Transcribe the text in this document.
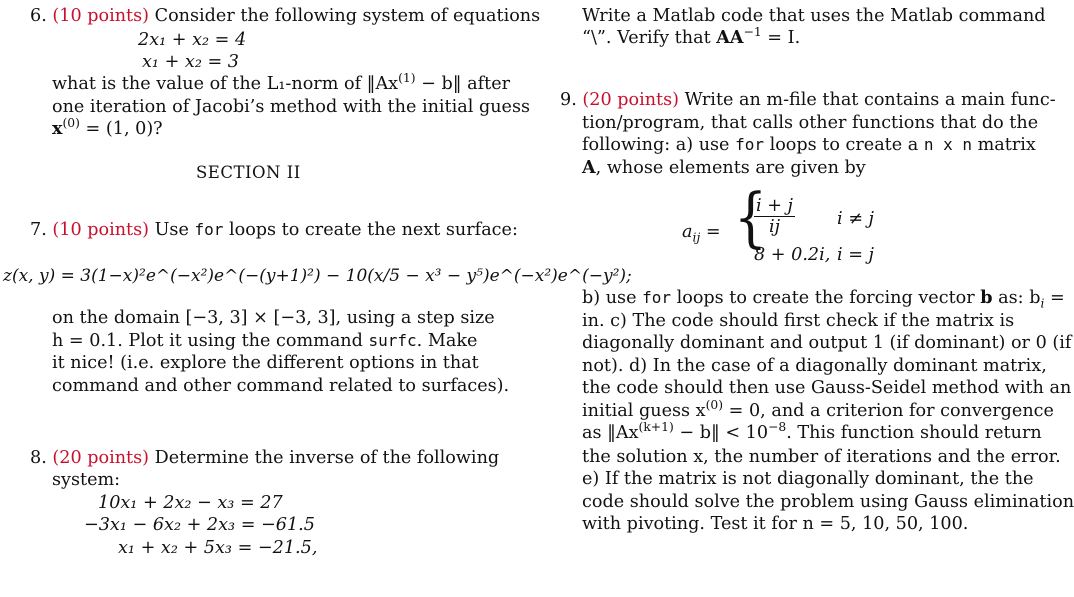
6. (10 points) Consider the following system of equations
2x₁ + x₂ = 4
x₁ + x₂ = 3
what is the value of the L₁-norm of $‖Ax^{(1)}$ − b‖ after
one iteration of Jacobi’s method with the initial guess
$x^{(0)} = (1$, 0)?
SECTION II
7. (10 points) Use for loops to create the next surface:
z(x, y) = 3(1−x)²e^(−x²)e^(−(y+1)²) − 10(x/5 − x³ − y⁵)e^(−x²)e^(−y²);
on the domain [−3, 3] × [−3, 3], using a step size
h = 0.1. Plot it using the command surfc. Make
it nice! (i.e. explore the different options in that
command and other command related to surfaces).
8. (20 points) Determine the inverse of the following
system:
10x₁ + 2x₂ − x₃ = 27
−3x₁ − 6x₂ + 2x₃ = −61.5
x₁ + x₂ + 5x₃ = −21.5,
Write a Matlab code that uses the Matlab command
“\”. Verify that $AA^{-1} = I$.
9. (20 points) Write an m-file that contains a main func-
tion/program, that calls other functions that do the
following: a) use for loops to create a n x n matrix
A, whose elements are given by
$a_{ij}$ = {
$\frac{i + j}{ij}$ i ≠ j
8 + 0.2i, i = j
b) use for loops to create the forcing vector b as: $b_i$ =
in. c) The code should first check if the matrix is
diagonally dominant and output 1 (if dominant) or 0 (if
not). d) In the case of a diagonally dominant matrix,
the code should then use Gauss-Seidel method with an
initial guess $x^{(0)} = 0$, and a criterion for convergence
as $‖Ax^{(k+1)}$ − b‖ < $10^{-8}$. This function should return
the solution x, the number of iterations and the error.
e) If the matrix is not diagonally dominant, the the
code should solve the problem using Gauss elimination
with pivoting. Test it for n = 5, 10, 50, 100.
